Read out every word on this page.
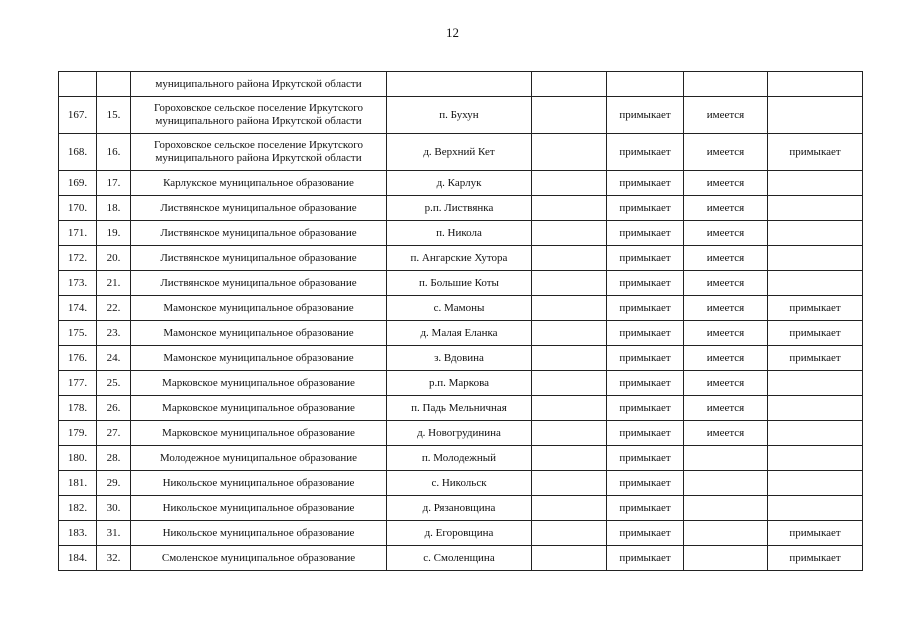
12
		муниципального района Иркутской области					
167.	15.	Гороховское сельское поселение Иркутского муниципального района Иркутской области	п. Бухун		примыкает	имеется	
168.	16.	Гороховское сельское поселение Иркутского муниципального района Иркутской области	д. Верхний Кет		примыкает	имеется	примыкает
169.	17.	Карлукское муниципальное образование	д. Карлук		примыкает	имеется	
170.	18.	Листвянское муниципальное образование	р.п. Листвянка		примыкает	имеется	
171.	19.	Листвянское муниципальное образование	п. Никола		примыкает	имеется	
172.	20.	Листвянское муниципальное образование	п. Ангарские Хутора		примыкает	имеется	
173.	21.	Листвянское муниципальное образование	п. Большие Коты		примыкает	имеется	
174.	22.	Мамонское муниципальное образование	с. Мамоны		примыкает	имеется	примыкает
175.	23.	Мамонское муниципальное образование	д. Малая Еланка		примыкает	имеется	примыкает
176.	24.	Мамонское муниципальное образование	з. Вдовина		примыкает	имеется	примыкает
177.	25.	Марковское муниципальное образование	р.п. Маркова		примыкает	имеется	
178.	26.	Марковское муниципальное образование	п. Падь Мельничная		примыкает	имеется	
179.	27.	Марковское муниципальное образование	д. Новогрудинина		примыкает	имеется	
180.	28.	Молодежное муниципальное образование	п. Молодежный		примыкает		
181.	29.	Никольское муниципальное образование	с. Никольск		примыкает		
182.	30.	Никольское муниципальное образование	д. Рязановщина		примыкает		
183.	31.	Никольское муниципальное образование	д. Егоровщина		примыкает		примыкает
184.	32.	Смоленское муниципальное образование	с. Смоленщина		примыкает		примыкает
